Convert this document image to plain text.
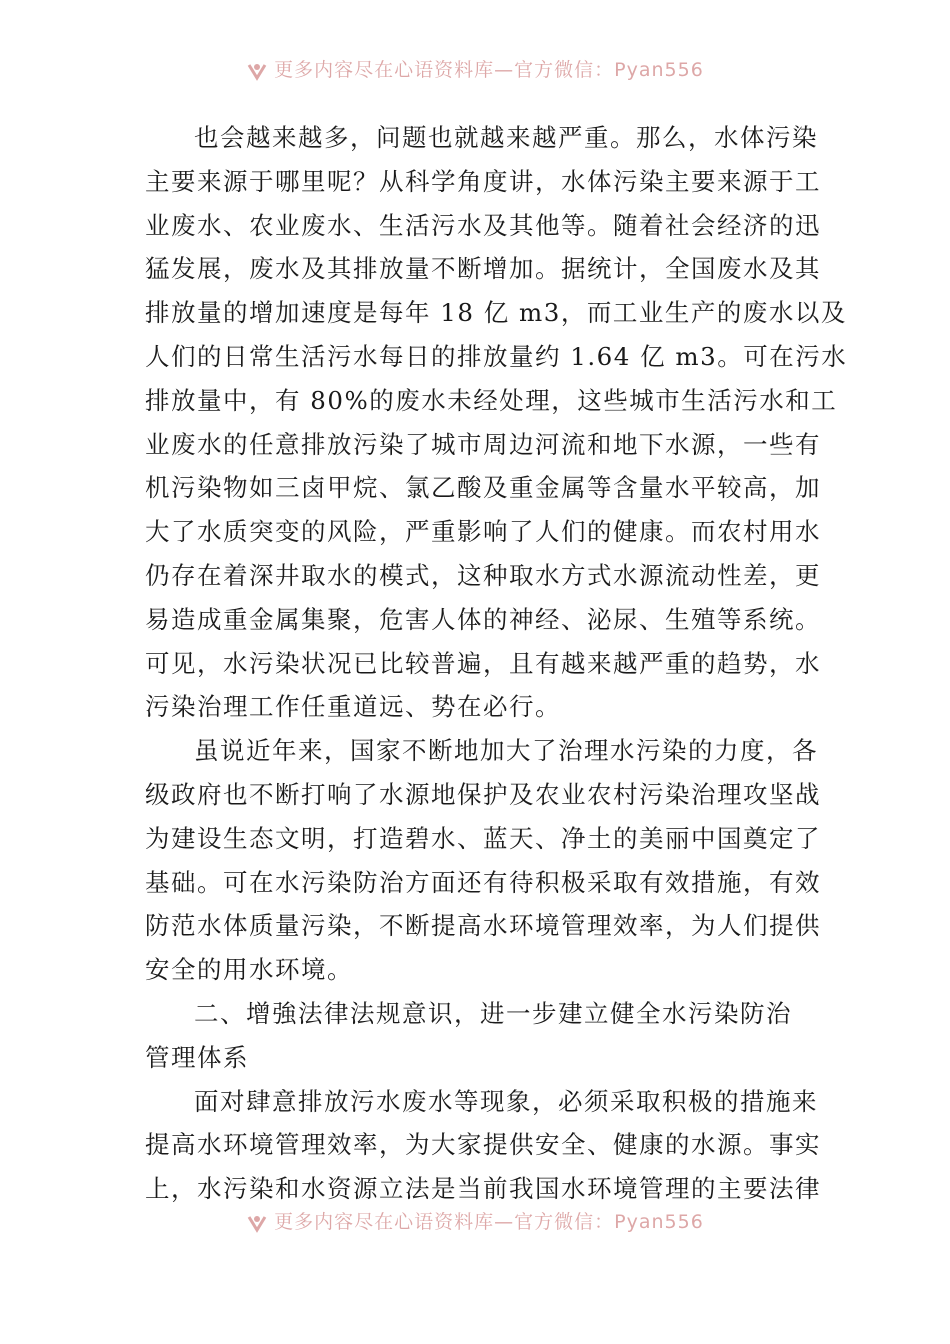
更多内容尽在心语资料库—官方微信：Pyan556
也会越来越多，问题也就越来越严重。那么，水体污染
主要来源于哪里呢？从科学角度讲，水体污染主要来源于工
业废水、农业废水、生活污水及其他等。随着社会经济的迅
猛发展，废水及其排放量不断增加。据统计，全国废水及其
排放量的增加速度是每年 18 亿 m3，而工业生产的废水以及
人们的日常生活污水每日的排放量约 1.64 亿 m3。可在污水
排放量中，有 80%的废水未经处理，这些城市生活污水和工
业废水的任意排放污染了城市周边河流和地下水源，一些有
机污染物如三卤甲烷、氯乙酸及重金属等含量水平较高，加
大了水质突变的风险，严重影响了人们的健康。而农村用水
仍存在着深井取水的模式，这种取水方式水源流动性差，更
易造成重金属集聚，危害人体的神经、泌尿、生殖等系统。
可见，水污染状况已比较普遍，且有越来越严重的趋势，水
污染治理工作任重道远、势在必行。
虽说近年来，国家不断地加大了治理水污染的力度，各
级政府也不断打响了水源地保护及农业农村污染治理攻坚战
为建设生态文明，打造碧水、蓝天、净土的美丽中国奠定了
基础。可在水污染防治方面还有待积极采取有效措施，有效
防范水体质量污染，不断提高水环境管理效率，为人们提供
安全的用水环境。
二、增強法律法规意识，进一步建立健全水污染防治
管理体系
面对肆意排放污水废水等现象，必须采取积极的措施来
提高水环境管理效率，为大家提供安全、健康的水源。事实
上，水污染和水资源立法是当前我国水环境管理的主要法律
更多内容尽在心语资料库—官方微信：Pyan556
